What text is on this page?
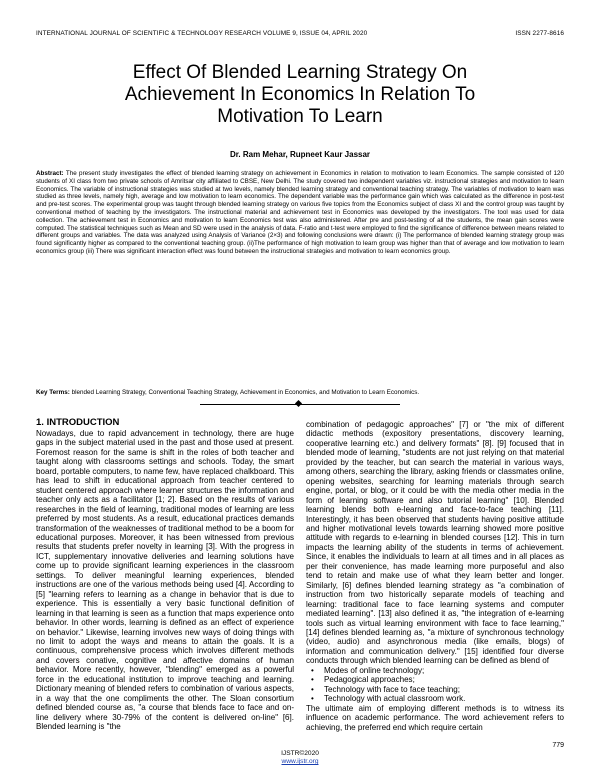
INTERNATIONAL JOURNAL OF SCIENTIFIC & TECHNOLOGY RESEARCH VOLUME 9, ISSUE 04, APRIL 2020	ISSN 2277-8616
Effect Of Blended Learning Strategy On
Achievement In Economics In Relation To
Motivation To Learn
Dr. Ram Mehar, Rupneet Kaur Jassar
Abstract: The present study investigates the effect of blended learning strategy on achievement in Economics in relation to motivation to learn Economics. The sample consisted of 120 students of XI class from two private schools of Amritsar city affiliated to CBSE, New Delhi. The study covered two independent variables viz. instructional strategies and motivation to learn Economics. The variable of instructional strategies was studied at two levels, namely blended learning strategy and conventional teaching strategy. The variables of motivation to learn was studied as three levels, namely high, average and low motivation to learn economics. The dependent variable was the performance gain which was calculated as the difference in post-test and pre-test scores. The experimental group was taught through blended learning strategy on various five topics from the Economics subject of class XI and the control group was taught by conventional method of teaching by the investigators. The instructional material and achievement test in Economics was developed by the investigators. The tool was used for data collection. The achievement test in Economics and motivation to learn Economics test was also administered. After pre and post-testing of all the students, the mean gain scores were computed. The statistical techniques such as Mean and SD were used in the analysis of data. F-ratio and t-test were employed to find the significance of difference between means related to different groups and variables. The data was analyzed using Analysis of Variance (2×3) and following conclusions were drawn: (i) The performance of blended learning strategy group was found significantly higher as compared to the conventional teaching group. (ii)The performance of high motivation to learn group was higher than that of average and low motivation to learn economics group (iii) There was significant interaction effect was found between the instructional strategies and motivation to learn economics group.
Key Terms: blended Learning Strategy, Conventional Teaching Strategy, Achievement in Economics, and Motivation to Learn Economics.
1. INTRODUCTION

Nowadays, due to rapid advancement in technology, there are huge gaps in the subject material used in the past and those used at present. Foremost reason for the same is shift in the roles of both teacher and taught along with classrooms settings and schools. Today, the smart board, portable computers, to name few, have replaced chalkboard. This has lead to shift in educational approach from teacher centered to student centered approach where learner structures the information and teacher only acts as a facilitator [1; 2]. Based on the results of various researches in the field of learning, traditional modes of learning are less preferred by most students. As a result, educational practices demands transformation of the weaknesses of traditional method to be a boom for educational purposes. Moreover, it has been witnessed from previous results that students prefer novelty in learning [3]. With the progress in ICT, supplementary innovative deliveries and learning solutions have come up to provide significant learning experiences in the classroom settings. To deliver meaningful learning experiences, blended instructions are one of the various methods being used [4]. According to [5] "learning refers to learning as a change in behavior that is due to experience. This is essentially a very basic functional definition of learning in that learning is seen as a function that maps experience onto behavior. In other words, learning is defined as an effect of experience on behavior." Likewise, learning involves new ways of doing things with no limit to adopt the ways and means to attain the goals. It is a continuous, comprehensive process which involves different methods and covers conative, cognitive and affective domains of human behavior. More recently, however, "blending" emerged as a powerful force in the educational institution to improve teaching and learning. Dictionary meaning of blended refers to combination of various aspects, in a way that the one compliments the other. The Sloan consortium defined blended course as, "a course that blends face to face and on-line delivery where 30-79% of the content is delivered on-line" [6]. Blended learning is "the

combination of pedagogic approaches" [7] or "the mix of different didactic methods (expository presentations, discovery learning, cooperative learning etc.) and delivery formats" [8]. [9] focused that in blended mode of learning, "students are not just relying on that material provided by the teacher, but can search the material in various ways, among others, searching the library, asking friends or classmates online, opening websites, searching for learning materials through search engine, portal, or blog, or it could be with the media other media in the form of learning software and also tutorial learning" [10]. Blended learning blends both e-learning and face-to-face teaching [11]. Interestingly, it has been observed that students having positive attitude and higher motivational levels towards learning showed more positive attitude with regards to e-learning in blended courses [12]. This in turn impacts the learning ability of the students in terms of achievement. Since, it enables the individuals to learn at all times and in all places as per their convenience, has made learning more purposeful and also tend to retain and make use of what they learn better and longer. Similarly, [6] defines blended learning strategy as "a combination of instruction from two historically separate models of teaching and learning: traditional face to face learning systems and computer mediated learning". [13] also defined it as, "the integration of e-learning tools such as virtual learning environment with face to face learning," [14] defines blended learning as, "a mixture of synchronous technology (video, audio) and asynchronous media (like emails, blogs) of information and communication delivery." [15] identified four diverse conducts through which blended learning can be defined as blend of

• Modes of online technology;
• Pedagogical approaches;
• Technology with face to face teaching;
• Technology with actual classroom work.

The ultimate aim of employing different methods is to witness its influence on academic performance. The word achievement refers to achieving, the preferred end which require certain

779
IJSTR©2020
www.ijstr.org
